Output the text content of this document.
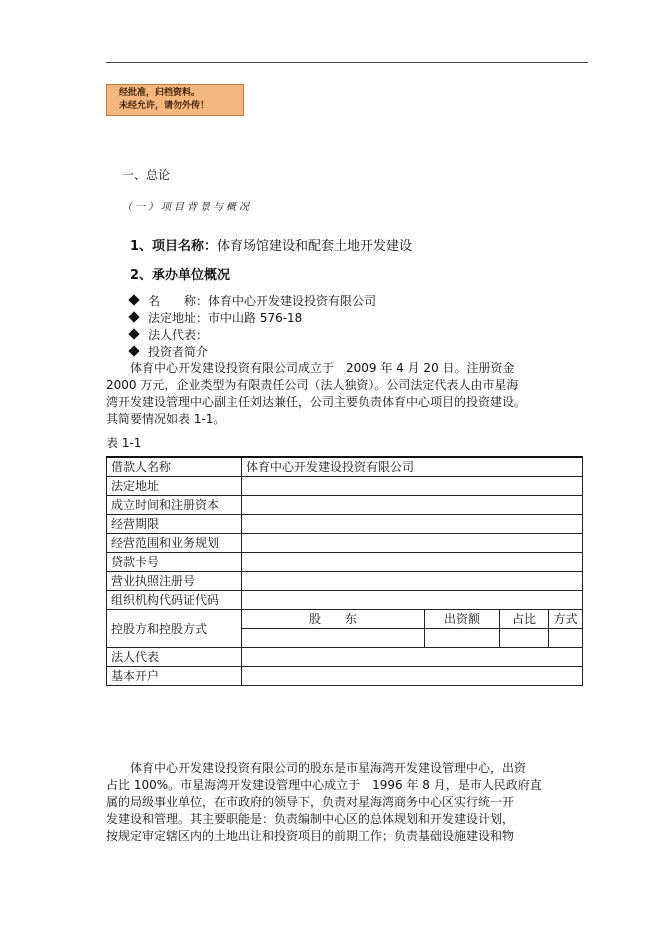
经批准，归档资料。
未经允许，请勿外传！
一、总论
（一）项目背景与概况
1、项目名称：体育场馆建设和配套土地开发建设
2、承办单位概况
名　　称：体育中心开发建设投资有限公司
法定地址：市中山路 576-18
法人代表：
投资者简介

体育中心开发建设投资有限公司成立于　2009 年 4 月 20 日。注册资金

2000 万元，企业类型为有限责任公司（法人独资）。公司法定代表人由市星海

湾开发建设管理中心副主任刘达兼任，公司主要负责体育中心项目的投资建设。

其简要情况如表 1-1。

表 1-1
借款人名称	体育中心开发建设投资有限公司
法定地址	
成立时间和注册资本	
经营期限	
经营范围和业务规划	
贷款卡号	
营业执照注册号	
组织机构代码证代码	
控股方和控股方式	
股　　东	出资额	占比	方式

法人代表	
基本开户	

体育中心开发建设投资有限公司的股东是市星海湾开发建设管理中心，出资

占比 100%。市星海湾开发建设管理中心成立于　1996 年 8 月，是市人民政府直

属的局级事业单位，在市政府的领导下，负责对星海湾商务中心区实行统一开

发建设和管理。其主要职能是：负责编制中心区的总体规划和开发建设计划，

按规定审定辖区内的土地出让和投资项目的前期工作；负责基础设施建设和物
